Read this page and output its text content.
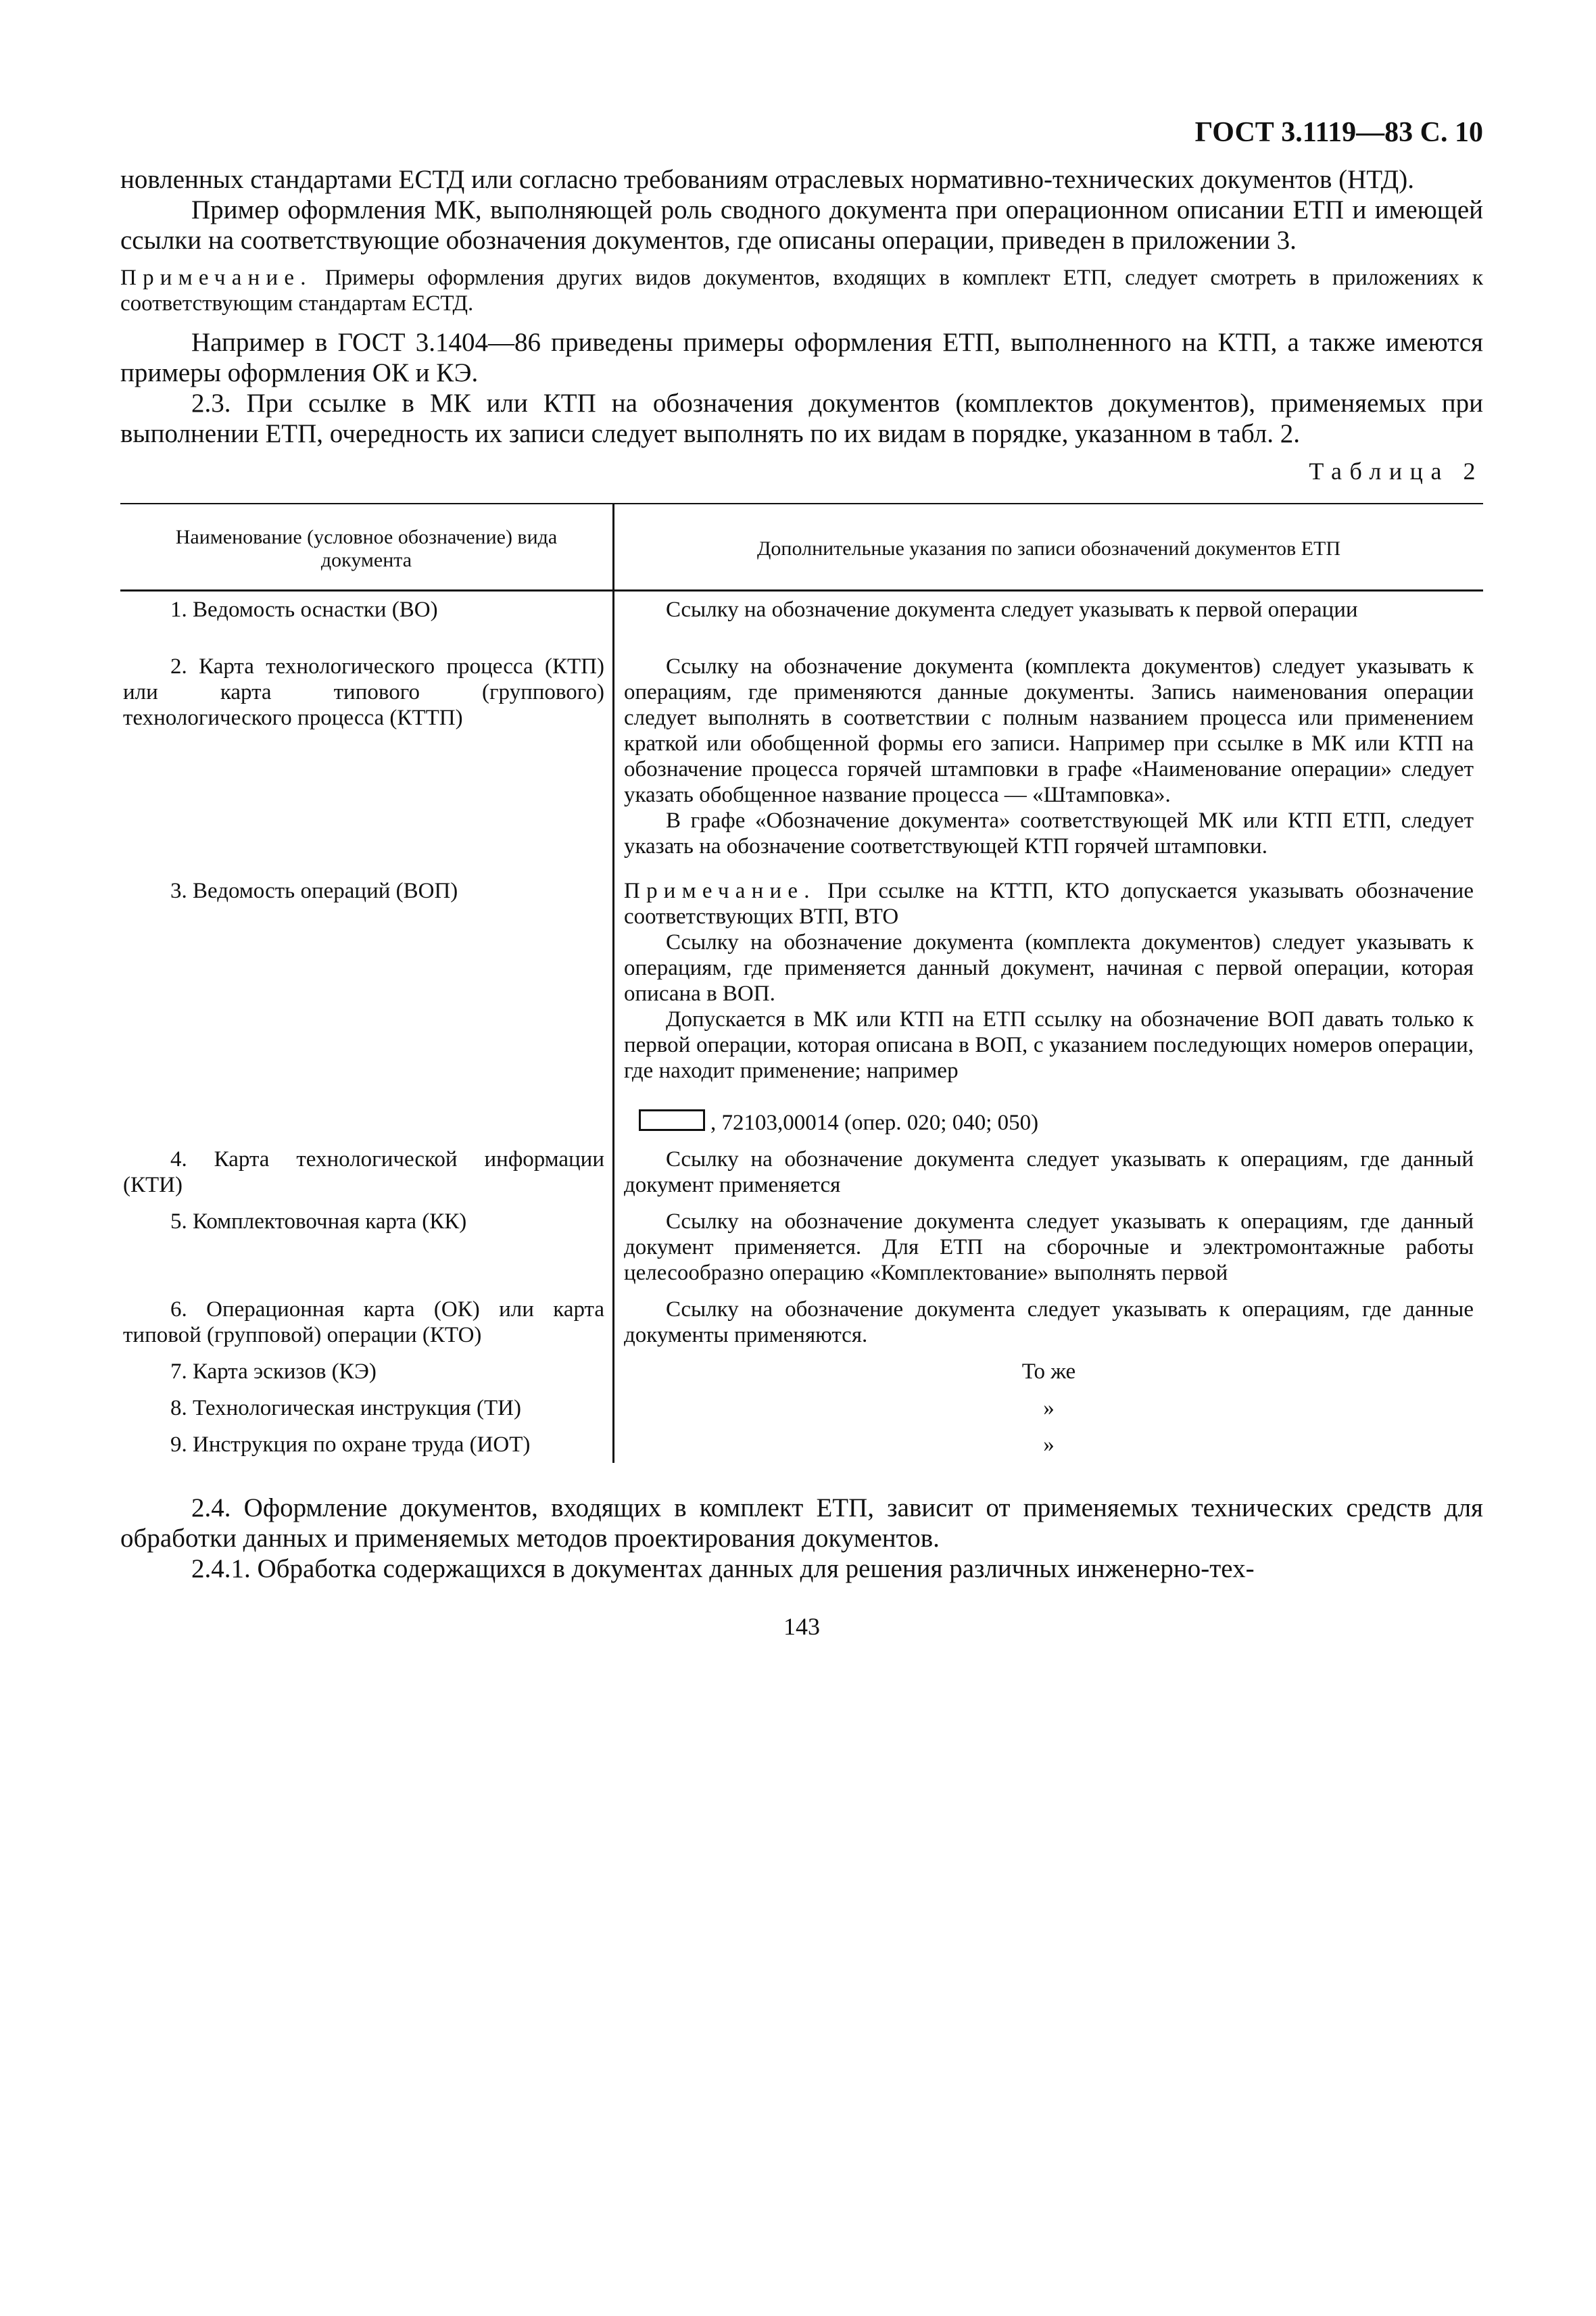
ГОСТ 3.1119—83 С. 10

новленных стандартами ЕСТД или согласно требованиям отраслевых нормативно-технических документов (НТД).

Пример оформления МК, выполняющей роль сводного документа при операционном описании ЕТП и имеющей ссылки на соответствующие обозначения документов, где описаны операции, приведен в приложении 3.

Примечание. Примеры оформления других видов документов, входящих в комплект ЕТП, следует смотреть в приложениях к соответствующим стандартам ЕСТД.

Например в ГОСТ 3.1404—86 приведены примеры оформления ЕТП, выполненного на КТП, а также имеются примеры оформления ОК и КЭ.

2.3. При ссылке в МК или КТП на обозначения документов (комплектов документов), применяемых при выполнении ЕТП, очередность их записи следует выполнять по их видам в порядке, указанном в табл. 2.

Таблица 2
Наименование (условное обозначение) вида документа	Дополнительные указания по записи обозначений документов ЕТП

1. Ведомость оснастки (ВО)	Ссылку на обозначение документа следует указывать к первой операции

2. Карта технологического процесса (КТП) или карта типового (группового) технологического процесса (КТТП)	Ссылку на обозначение документа (комплекта документов) следует указывать к операциям, где применяются данные документы. Запись наименования операции следует выполнять в соответствии с полным названием процесса или применением краткой или обобщенной формы его записи. Например при ссылке в МК или КТП на обозначение процесса горячей штамповки в графе «Наименование операции» следует указать обобщенное название процесса — «Штамповка».
В графе «Обозначение документа» соответствующей МК или КТП ЕТП, следует указать на обозначение соответствующей КТП горячей штамповки.

3. Ведомость операций (ВОП)	Примечание. При ссылке на КТТП, КТО допускается указывать обозначение соответствующих ВТП, ВТО
Ссылку на обозначение документа (комплекта документов) следует указывать к операциям, где применяется данный документ, начиная с первой операции, которая описана в ВОП.
Допускается в МК или КТП на ЕТП ссылку на обозначение ВОП давать только к первой операции, которая описана в ВОП, с указанием последующих номеров операции, где находит применение; например
, 72103,00014 (опер. 020; 040; 050)

4. Карта технологической информации (КТИ)	Ссылку на обозначение документа следует указывать к операциям, где данный документ применяется

5. Комплектовочная карта (КК)	Ссылку на обозначение документа следует указывать к операциям, где данный документ применяется. Для ЕТП на сборочные и электромонтажные работы целесообразно операцию «Комплектование» выполнять первой

6. Операционная карта (ОК) или карта типовой (групповой) операции (КТО)	Ссылку на обозначение документа следует указывать к операциям, где данные документы применяются.

7. Карта эскизов (КЭ)	То же

8. Технологическая инструкция (ТИ)	»

9. Инструкция по охране труда (ИОТ)	»

2.4. Оформление документов, входящих в комплект ЕТП, зависит от применяемых технических средств для обработки данных и применяемых методов проектирования документов.

2.4.1. Обработка содержащихся в документах данных для решения различных инженерно-тех-

143
